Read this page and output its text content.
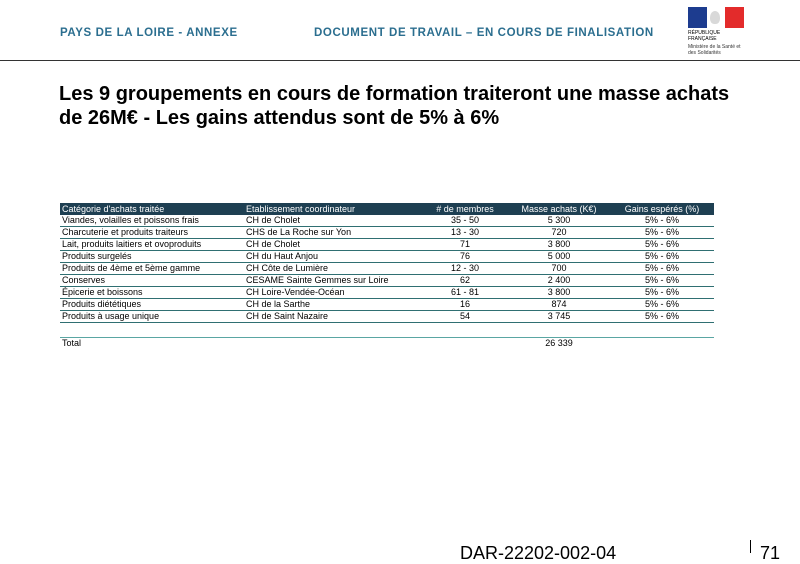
PAYS DE LA LOIRE - ANNEXE	DOCUMENT DE TRAVAIL – EN COURS DE FINALISATION	RÉPUBLIQUE FRANÇAISE
Ministère de la Santé et des Solidarités
Les 9 groupements en cours de formation traiteront une masse achats de 26M€ - Les gains attendus sont de 5% à 6%
Catégorie d'achats traitée	Etablissement coordinateur	# de membres	Masse achats (K€)	Gains espérés (%)
Viandes, volailles et poissons frais	CH de Cholet	35 - 50	5 300	5% - 6%
Charcuterie et produits traiteurs	CHS de La Roche sur Yon	13 - 30	720	5% - 6%
Lait, produits laitiers et ovoproduits	CH de Cholet	71	3 800	5% - 6%
Produits surgelés	CH du Haut Anjou	76	5 000	5% - 6%
Produits de 4ème et 5ème gamme	CH Côte de Lumière	12 - 30	700	5% - 6%
Conserves	CESAME Sainte Gemmes sur Loire	62	2 400	5% - 6%
Épicerie et boissons	CH Loire-Vendée-Océan	61 - 81	3 800	5% - 6%
Produits diététiques	CH de la Sarthe	16	874	5% - 6%
Produits à usage unique	CH de Saint Nazaire	54	3 745	5% - 6%

Total			26 339	
DAR-22202-002-04	71
